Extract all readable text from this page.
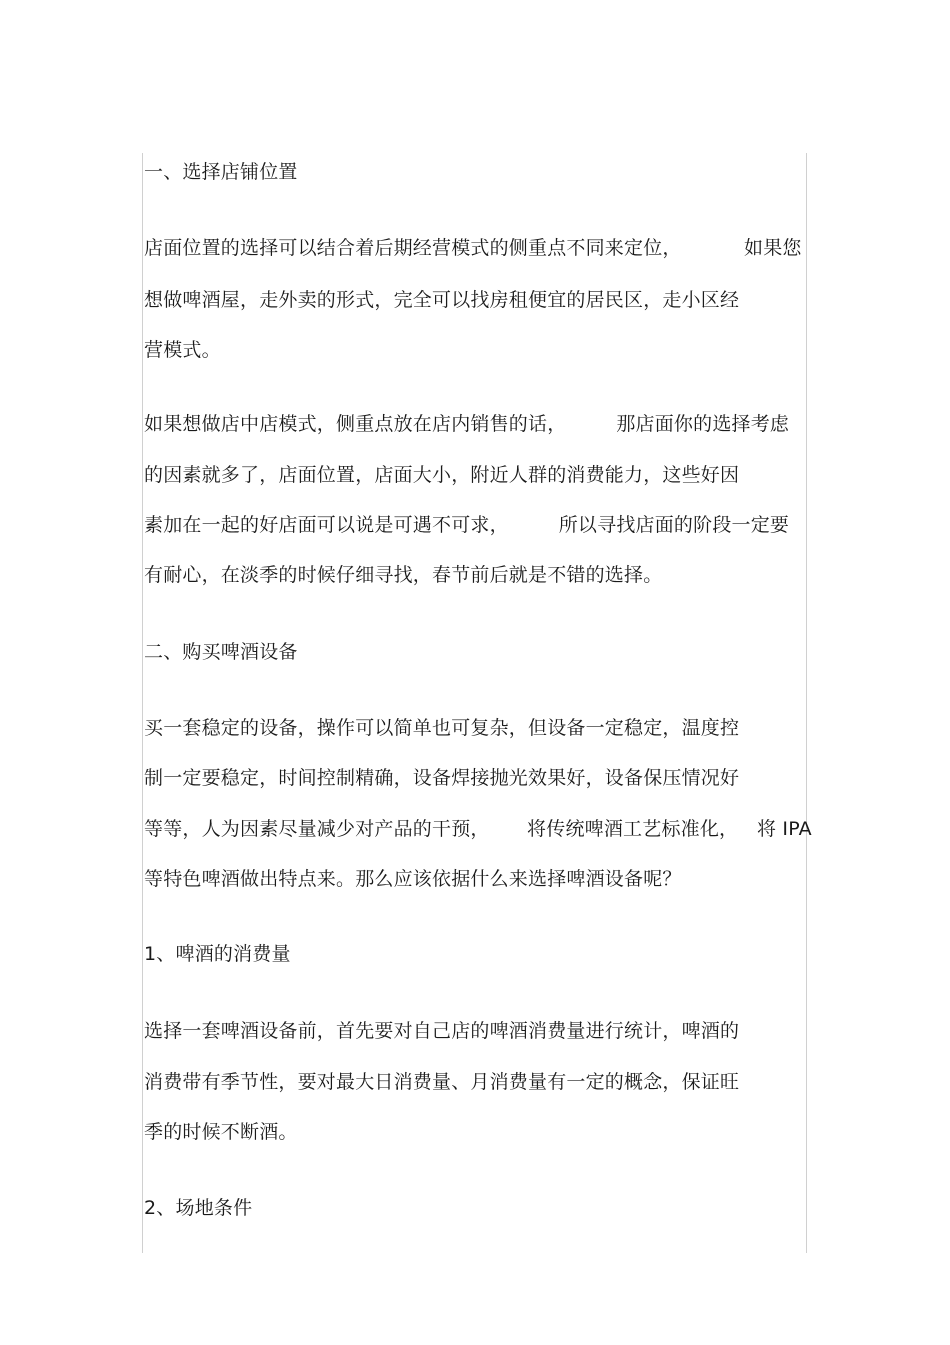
一、选择店铺位置
店面位置的选择可以结合着后期经营模式的侧重点不同来定位，          如果您
想做啤酒屋，走外卖的形式，完全可以找房租便宜的居民区，走小区经
营模式。
如果想做店中店模式，侧重点放在店内销售的话，        那店面你的选择考虑
的因素就多了，店面位置，店面大小，附近人群的消费能力，这些好因
素加在一起的好店面可以说是可遇不可求，        所以寻找店面的阶段一定要
有耐心，在淡季的时候仔细寻找，春节前后就是不错的选择。
二、购买啤酒设备
买一套稳定的设备，操作可以简单也可复杂，但设备一定稳定，温度控
制一定要稳定，时间控制精确，设备焊接抛光效果好，设备保压情况好
等等，人为因素尽量减少对产品的干预，      将传统啤酒工艺标准化，   将 IPA
等特色啤酒做出特点来。那么应该依据什么来选择啤酒设备呢？
1、啤酒的消费量
选择一套啤酒设备前，首先要对自己店的啤酒消费量进行统计，啤酒的
消费带有季节性，要对最大日消费量、月消费量有一定的概念，保证旺
季的时候不断酒。
2、场地条件
